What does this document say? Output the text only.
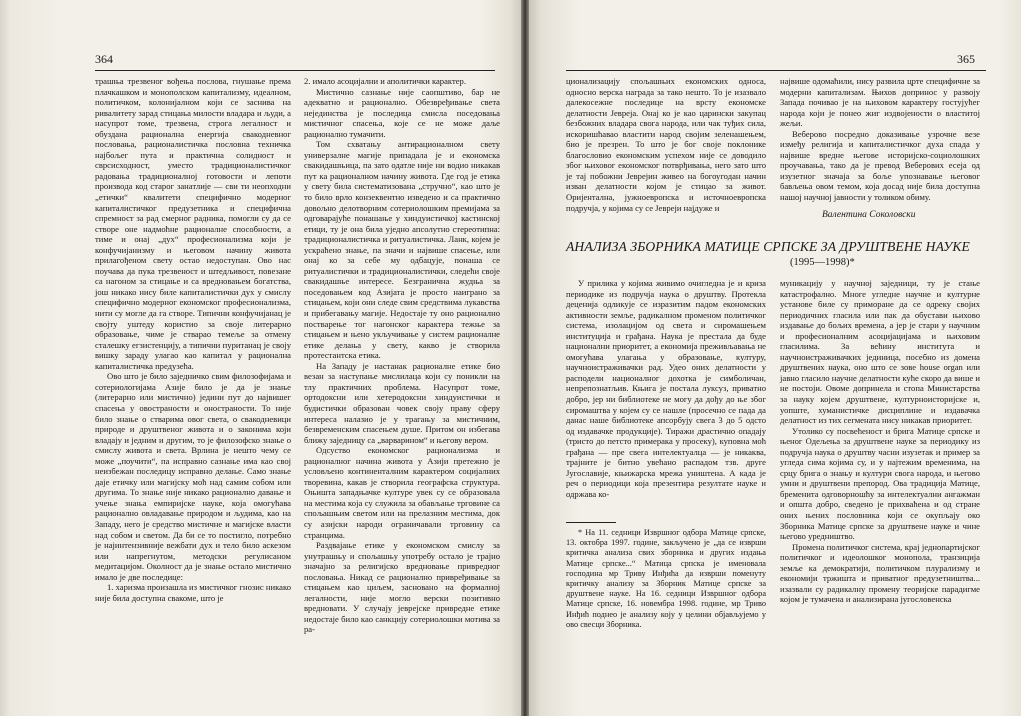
364

трашња трезвеног вођења послова, гнушање према плачкашком и монополском капитализму, идеалном, политичком, колонијалном који се заснива на ривалитету зарад стицања милости владара и људи, а насупрот томе, трезвена, строга легалност и обуздана рационална енергија свакодневног пословања, рационалистичка пословна техничка најбољег пута и практична солидност и сврсисходност, уместо традиционалистичког радовања традиционалној готовости и лепоти производа код старог занатлије — сви ти неопходни „етички“ квалитети специфично модерног капиталистичког предузетника и специфична спремност за рад смерног радника, помогли су да се створе оне надмоћне рационалне способности, а тиме и онај „дух“ професионализма који је конфучијанизму и његовом начину живота прилагођеном свету остао недоступан. Ово нас поучава да пука трезвеност и штедљивост, повезане са нагоном за стицање и са вредновањем богатства, још никако нису биле капиталистички дух у смислу специфично модерног економског професионализма, нити су могле да га створе. Типични конфучијанац је својту уштеду користио за своје литерарно образовање, чиме је стварао темеље за отмену сталешку егзистенцију, а типични пуританац је своју вишку зараду улагао као капитал у рационална капиталистичка предузећа.

Ово што је било заједничко свим филозофијама и сотериологијама Азије било је да је знање (литерарно или мистично) једини пут до највишег спасења у овостраности и оностраности. То није било знање о стварима овог света, о свакодневици природе и друштвеног живота и о законима који владају и једним и другим, то је филозофско знање о смислу живота и света. Врлина је нешто чему се може „поучити“, па исправно сазнање има као свој неизбежан последицу исправно делање. Само знање даје етичку или магијску моћ над самим собом или другима. То знање није никако рационално давање и учење знања емпиријске науке, која омогућава рационално овладавање природом и људима, као на Западу, него је средство мистичне и магијске власти над собом и светом. Да би се то постигло, потребно је најинтензивније вежбати дух и тело било аскезом или напрегнутом, методски регулисаном медитацијом. Околност да је знање остало мистично имало је две последице:

1. харизма произашла из мистичког гнозис никако није била доступна свакоме, што је

2. имало асоцијални и аполитички карактер.

Мистично сазнање није саопштиво, бар не адекватно и рационално. Обезвређивање света нејединства је последица смисла поседовања мистичног спасења, које се не може даље рационално тумачити.

Том схватању антирационалном свету универзалне магије припадала је и економска свакидашњица, па зато одатле није ни водио никакав пут ка рационалном начину живота. Где год је етика у свету била систематизована „стручно“, као што је то било врло конзеквентно изведено и са практично довољно делотворним сотериолошким премијама за одговарајуће понашање у хиндуистичкој кастинској етици, ту је она била уједно апсолутно стереотипна: традиционалистичка и ритуалистичка. Ланк, којем је ускраћено знање, па значи и највише спасење, или онај ко за себе му одбацује, понаша се ритуалистички и традиционалистички, следећи своје свакидашње интересе. Безгранична жудња за поседовањем код Азијата је просто наиграно за стицањем, који они следе свим средствима лукавства и прибегавању магије. Недостаје ту оно рационално постварење тог нагонског карактера тежње за стицањем и њено укључивање у систем рационалне етике делања у свету, какво је створила протестантска етика.

На Западу је настанак рационалне етике био везан за наступање мислилаца који су поникли на тлу практичних проблема. Насупрот томе, ортодоксни или хетеродоксни хиндуистички и будистички образован човек своју праву сферу интереса налазио је у трагању за мистичним, безвременским спасењем душе. Притом он избегава ближу заједницу са „варварином“ и његову вером.

Одсуство економског рационализма и рационалног начина живота у Азији претежно је условљено континенталним карактером социјалних творевина, какав је створила географска структура. Оњишта западњачке културе увек су се образовала на местима која су служила за обављање трговине са спољашњим светом или на прелазним местима, док су азијски народи ограничавали трговину са странцима.

Раздвајање етике у економском смислу за унутрашњу и спољашњу употребу остало је трајно значајно за религијско вредновање привредног пословања. Никад се рационално привређивање за стицањем као циљем, засновано на формалној легалности, није могло верски позитивно вредновати. У случају јеврејске привредне етике недостаје било као санкцију сотериолошки мотива за ра-

365

ционализацију спољашњих економских односа, односно верска награда за тако нешто. То је изазвало далекосежне последице на врсту економске делатности Јевреја. Онај ко је као царински закупац безбожних владара свога народа, или чак туђих сила, искоришћавао властити народ својим зеленашењем, био је презрен. То што је бог своје поклонике благословио економским успехом није се доводило због њиховог економског потврђивања, него зато што је тај побожни Јеврејин живео на богоугодан начин изван делатности којом је стицао за живот. Оријентална, јужноевропска и источноевропска подручја, у којима су се Јевреји најдуже и

највише одомаћили, нису развила црте специфичне за модерни капитализам. Њихов допринос у развоју Запада почивао је на њиховом карактеру гостујућег народа који је понео жиг издвојености о властитој жељи.

Веберово посредно доказивање узрочне везе између религија и капиталистичког духа спада у највише вредне његове историјско-социолошких проучавања, тако да је превод Веберових есеја од изузетног значаја за боље упознавање његовог бављења овом темом, која досад није била доступна нашој научној јавности у толиком обиму.

Валентина Соколовски
АНАЛИЗА ЗБОРНИКА МАТИЦЕ СРПСКЕ ЗА ДРУШТВЕНЕ НАУКЕ
(1995—1998)*

У прилика у којима живимо очигледна је и криза периодике из подручја наука о друштву. Протекла деценија одликује се изразитим падом економских активности земље, радикалном променом политичког система, изолацијом од света и сиромашењем институција и грађана. Наука је престала да буде национални приоритет, а економија преживљавања не омогућава улагања у образовање, културу, научноистраживачки рад. Удео оних делатности у расподели националног дохотка је симболичан, непрепознатљив. Књига је постала луксуз, приватно добро, јер ни библиотеке не могу да дођу до ње због сиромаштва у којем су се нашле (просечно се пада да данас наше библиотеке апсорбују свега 3 до 5 одсто од издавачке продукције). Тиражи драстично опадају (тристо до петсто примерака у просеку), куповна моћ грађана — пре свега интелектуалца — је никаква, трајните је битно увећано распадом тзв. друге Југославије, књижарска мрежа уништена. А када је реч о периодици која презентира резултате науке и одржава ко-

* На 11. седници Извршног одбора Матице српске, 13. октобра 1997. године, закључено је „да се изврши критичка анализа свих зборника и других издања Матице српске...“ Матица српска је именовала господина мр Триву Инђића да изврши поменуту критичку анализу за Зборник Матице српске за друштвене науке. На 16. седници Извршног одбора Матице српске, 16. новембра 1998. године, мр Триво Инђић поднео је анализу коју у целини објављујемо у ово свесци Зборника.

муникацију у научној заједници, ту је стање катастрофално. Многе угледне научне и културне установе биле су приморане да се одреку својих периодичних гласила или пак да обустави њихово издавање до бољих времена, а јер је стари у научним и професионалним асоцијацијама и њиховим гласилима. За већину института и научноистраживачких јединица, посебно из домена друштвених наука, оно што се зове house organ или јавно гласило научне делатности куће скоро да више и не постоји. Овоме допринела и стопа Министарства за науку којем друштвене, културноисторијске и, уопште, хуманистичке дисциплине и издавачка делатност из тих сегмената нису никакав приоритет.

Утолико су посвећеност и брига Матице српске и њеног Одељења за друштвене науке за периодику из подручја наука о друштву часни изузетак и пример за угледа сима којима су, и у најтежим временима, на срцу брига о знању и култури свога народа, и његово умни и друштвени препород. Ова традиција Матице, бременита одговорношћу за интелектуални ангажман и општа добро, сведено је прихваћена и од стране оних њених пословника који се окупљају око Зборника Матице српске за друштвене науке и чине његово уредништво.

Промена политичког система, крај једнопартијског политичког и идеолошког монопола, транзиција земље ка демократији, политичком плурализму и економији тржишта и приватног предузетништва... изазвали су радикалну промену теоријске парадигме којом је тумачена и анализирана југословенска
